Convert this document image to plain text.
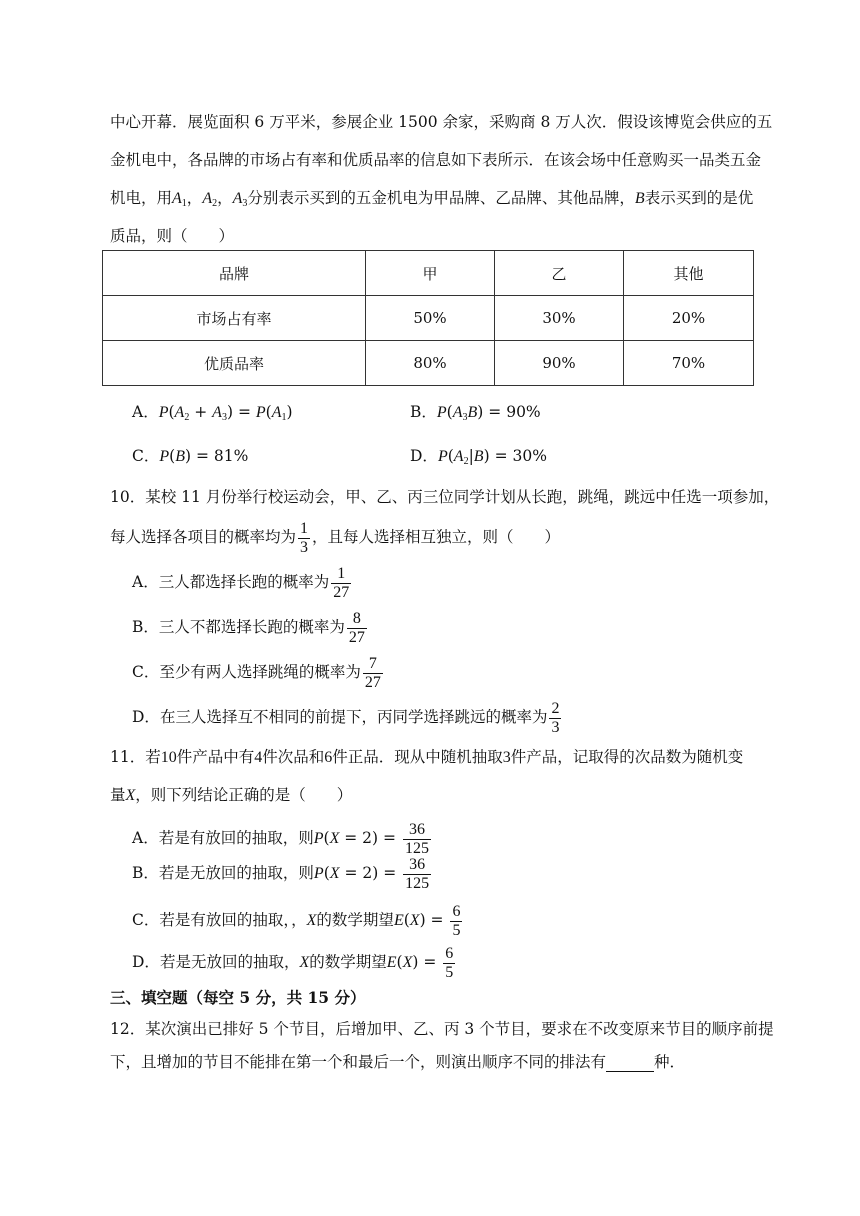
中心开幕．展览面积 6 万平米，参展企业 1500 余家，采购商 8 万人次．假设该博览会供应的五
金机电中，各品牌的市场占有率和优质品率的信息如下表所示．在该会场中任意购买一品类五金
机电，用$A_1$，$A_2$，$A_3$分别表示买到的五金机电为甲品牌、乙品牌、其他品牌，B表示买到的是优
质品，则（　　）
品牌	甲	乙	其他
市场占有率	50%	30%	20%
优质品率	80%	90%	70%
A．$P(A_2 + A_3) = P(A_1)$	B．$P(A_3B) = 90\%$
C．P(B) = 81%	D．$P(A_2|B) = 30\%$
10．某校 11 月份举行校运动会，甲、乙、丙三位同学计划从长跑，跳绳，跳远中任选一项参加，
每人选择各项目的概率均为 $\frac{1}{3}$ ，且每人选择相互独立，则（　　）
A．三人都选择长跑的概率为 $\frac{1}{27}$
B．三人不都选择长跑的概率为 $\frac{8}{27}$
C．至少有两人选择跳绳的概率为 $\frac{7}{27}$
D．在三人选择互不相同的前提下，丙同学选择跳远的概率为 $\frac{2}{3}$
11．若10件产品中有4件次品和6件正品．现从中随机抽取3件产品，记取得的次品数为随机变
量X，则下列结论正确的是（　　）
A．若是有放回的抽取，则$P(X = 2) = \frac{36}{125}$
B．若是无放回的抽取，则$P(X = 2) = \frac{36}{125}$
C．若是有放回的抽取，，X的数学期望$E(X) = \frac{6}{5}$
D．若是无放回的抽取，X的数学期望$E(X) = \frac{6}{5}$
三、填空题（每空 5 分，共 15 分）
12．某次演出已排好 5 个节目，后增加甲、乙、丙 3 个节目，要求在不改变原来节目的顺序前提
下，且增加的节目不能排在第一个和最后一个，则演出顺序不同的排法有	种．
